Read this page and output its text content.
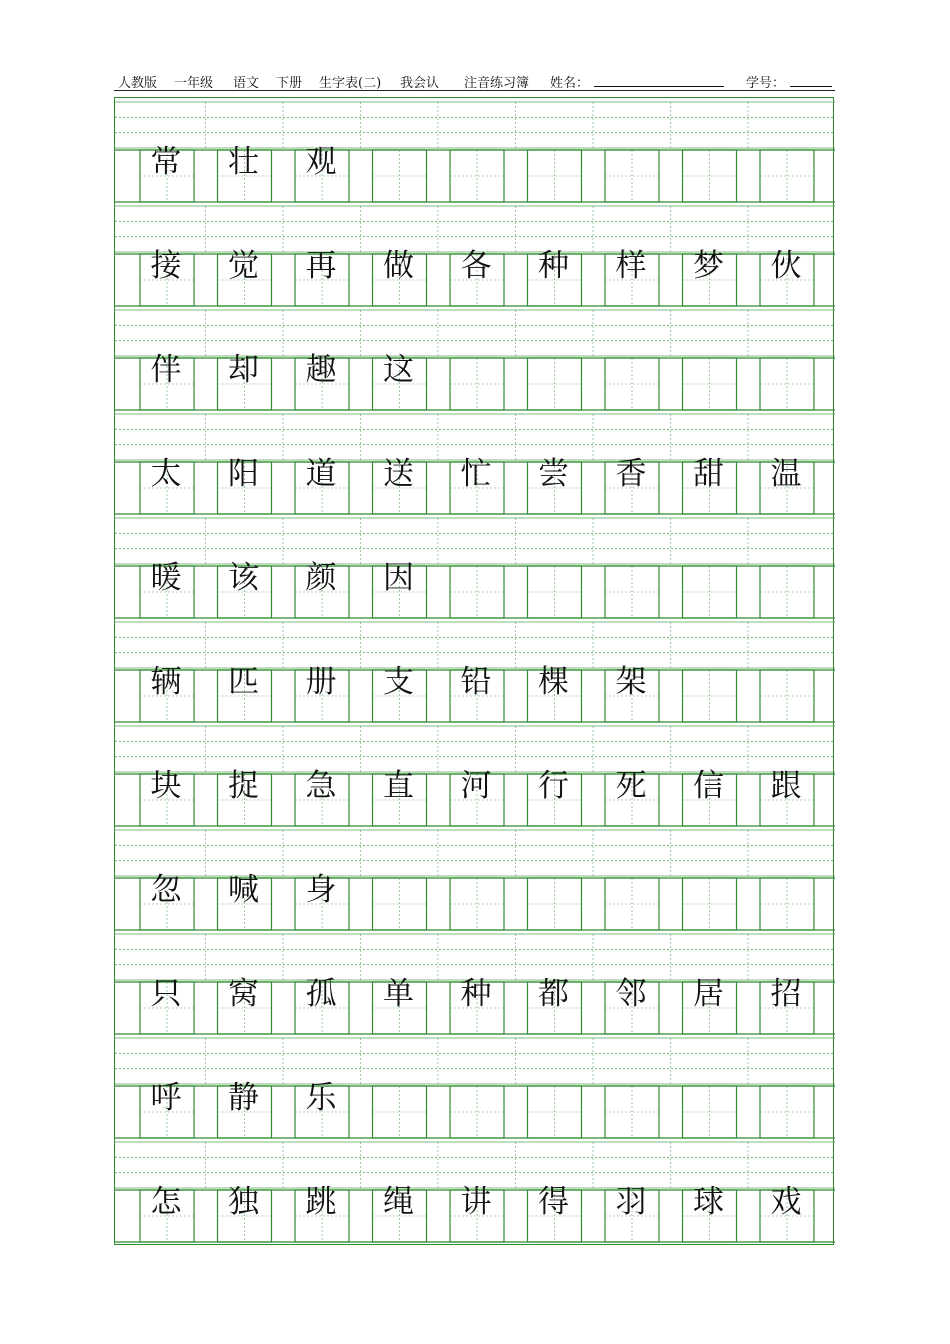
人教版 一年级 语文 下册 生字表(二) 我会认 注音练习簿 姓名：	学号：
常	壮	观
接	觉	再	做	各	种	样	梦	伙
伴	却	趣	这
太	阳	道	送	忙	尝	香	甜	温
暖	该	颜	因
辆	匹	册	支	铅	棵	架
块	捉	急	直	河	行	死	信	跟
忽	喊	身
只	窝	孤	单	种	都	邻	居	招
呼	静	乐
怎	独	跳	绳	讲	得	羽	球	戏
